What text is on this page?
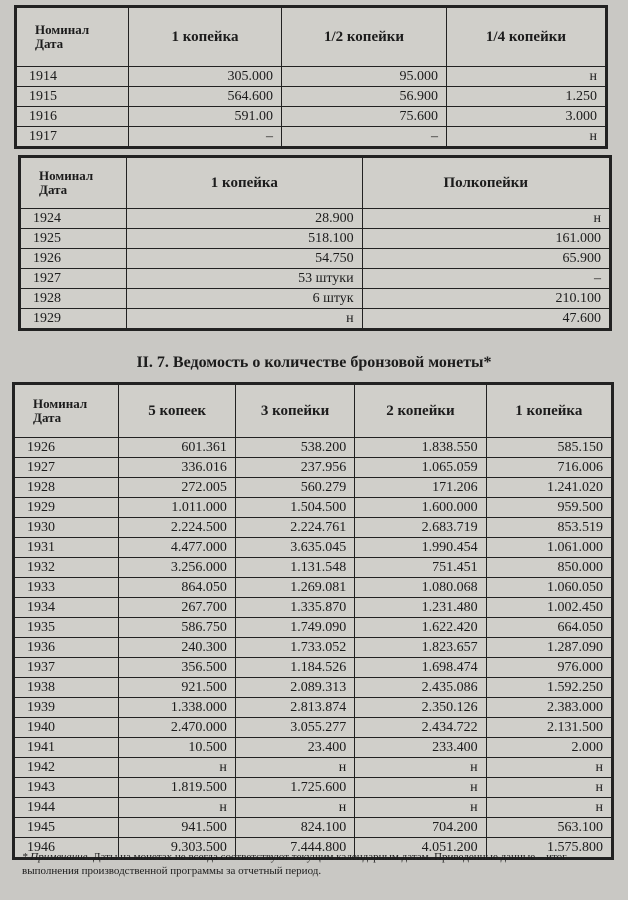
Номинал
Дата	1 копейка	1/2 копейки	1/4 копейки
1914	305.000	95.000	н
1915	564.600	56.900	1.250
1916	591.00	75.600	3.000
1917	–	–	н
Номинал
Дата	1 копейка	Полкопейки
1924	28.900	н
1925	518.100	161.000
1926	54.750	65.900
1927	53 штуки	–
1928	6 штук	210.100
1929	н	47.600
II. 7. Ведомость о количестве бронзовой монеты*
Номинал
Дата	5 копеек	3 копейки	2 копейки	1 копейка
1926	601.361	538.200	1.838.550	585.150
1927	336.016	237.956	1.065.059	716.006
1928	272.005	560.279	171.206	1.241.020
1929	1.011.000	1.504.500	1.600.000	959.500
1930	2.224.500	2.224.761	2.683.719	853.519
1931	4.477.000	3.635.045	1.990.454	1.061.000
1932	3.256.000	1.131.548	751.451	850.000
1933	864.050	1.269.081	1.080.068	1.060.050
1934	267.700	1.335.870	1.231.480	1.002.450
1935	586.750	1.749.090	1.622.420	664.050
1936	240.300	1.733.052	1.823.657	1.287.090
1937	356.500	1.184.526	1.698.474	976.000
1938	921.500	2.089.313	2.435.086	1.592.250
1939	1.338.000	2.813.874	2.350.126	2.383.000
1940	2.470.000	3.055.277	2.434.722	2.131.500
1941	10.500	23.400	233.400	2.000
1942	н	н	н	н
1943	1.819.500	1.725.600	н	н
1944	н	н	н	н
1945	941.500	824.100	704.200	563.100
1946	9.303.500	7.444.800	4.051.200	1.575.800
* Примечание. Даты на монетах не всегда соответствуют текущим календарным датам. Приведенные данные – итог выполнения производственной программы за отчетный период.
